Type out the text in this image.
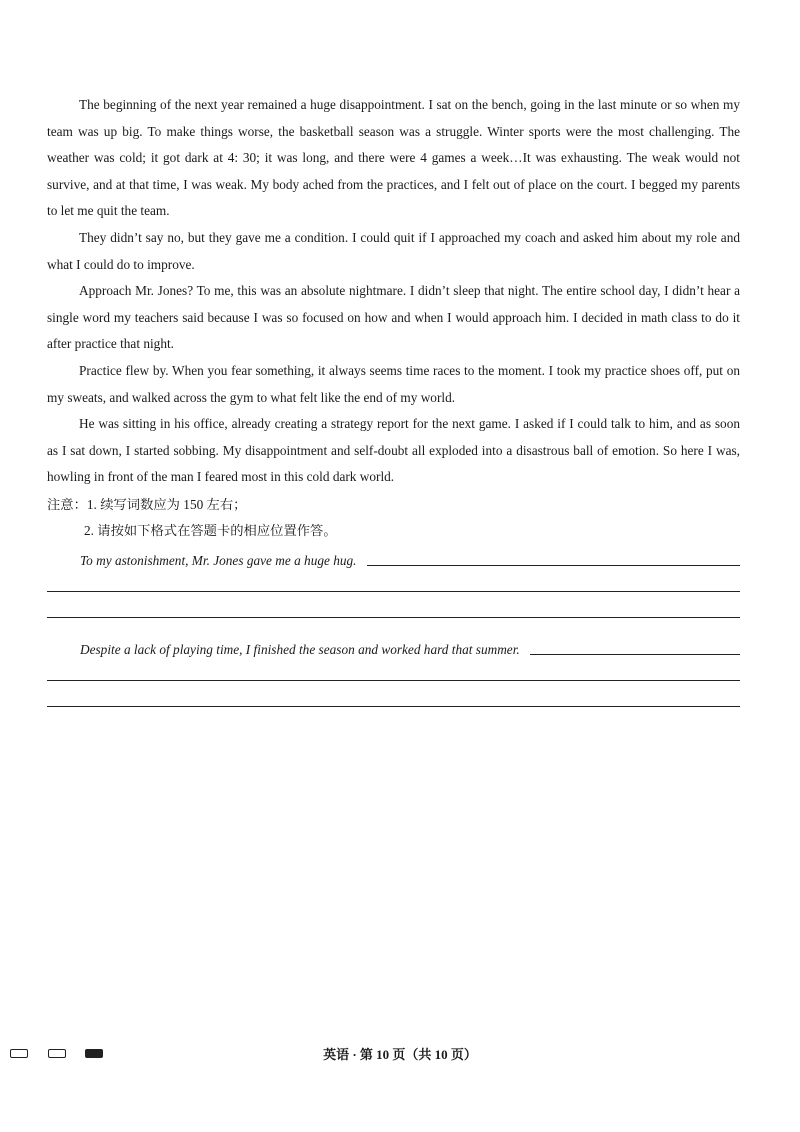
The beginning of the next year remained a huge disappointment. I sat on the bench, going in the last minute or so when my team was up big. To make things worse, the basketball season was a struggle. Winter sports were the most challenging. The weather was cold; it got dark at 4: 30; it was long, and there were 4 games a week…It was exhausting. The weak would not survive, and at that time, I was weak. My body ached from the practices, and I felt out of place on the court. I begged my parents to let me quit the team.

They didn’t say no, but they gave me a condition. I could quit if I approached my coach and asked him about my role and what I could do to improve.

Approach Mr. Jones? To me, this was an absolute nightmare. I didn’t sleep that night. The entire school day, I didn’t hear a single word my teachers said because I was so focused on how and when I would approach him. I decided in math class to do it after practice that night.

Practice flew by. When you fear something, it always seems time races to the moment. I took my practice shoes off, put on my sweats, and walked across the gym to what felt like the end of my world.

He was sitting in his office, already creating a strategy report for the next game. I asked if I could talk to him, and as soon as I sat down, I started sobbing. My disappointment and self-doubt all exploded into a disastrous ball of emotion. So here I was, howling in front of the man I feared most in this cold dark world.

注意：1. 续写词数应为 150 左右；
2. 请按如下格式在答题卡的相应位置作答。
To my astonishment, Mr. Jones gave me a huge hug.
Despite a lack of playing time, I finished the season and worked hard that summer.
英语 · 第 10 页（共 10 页）
